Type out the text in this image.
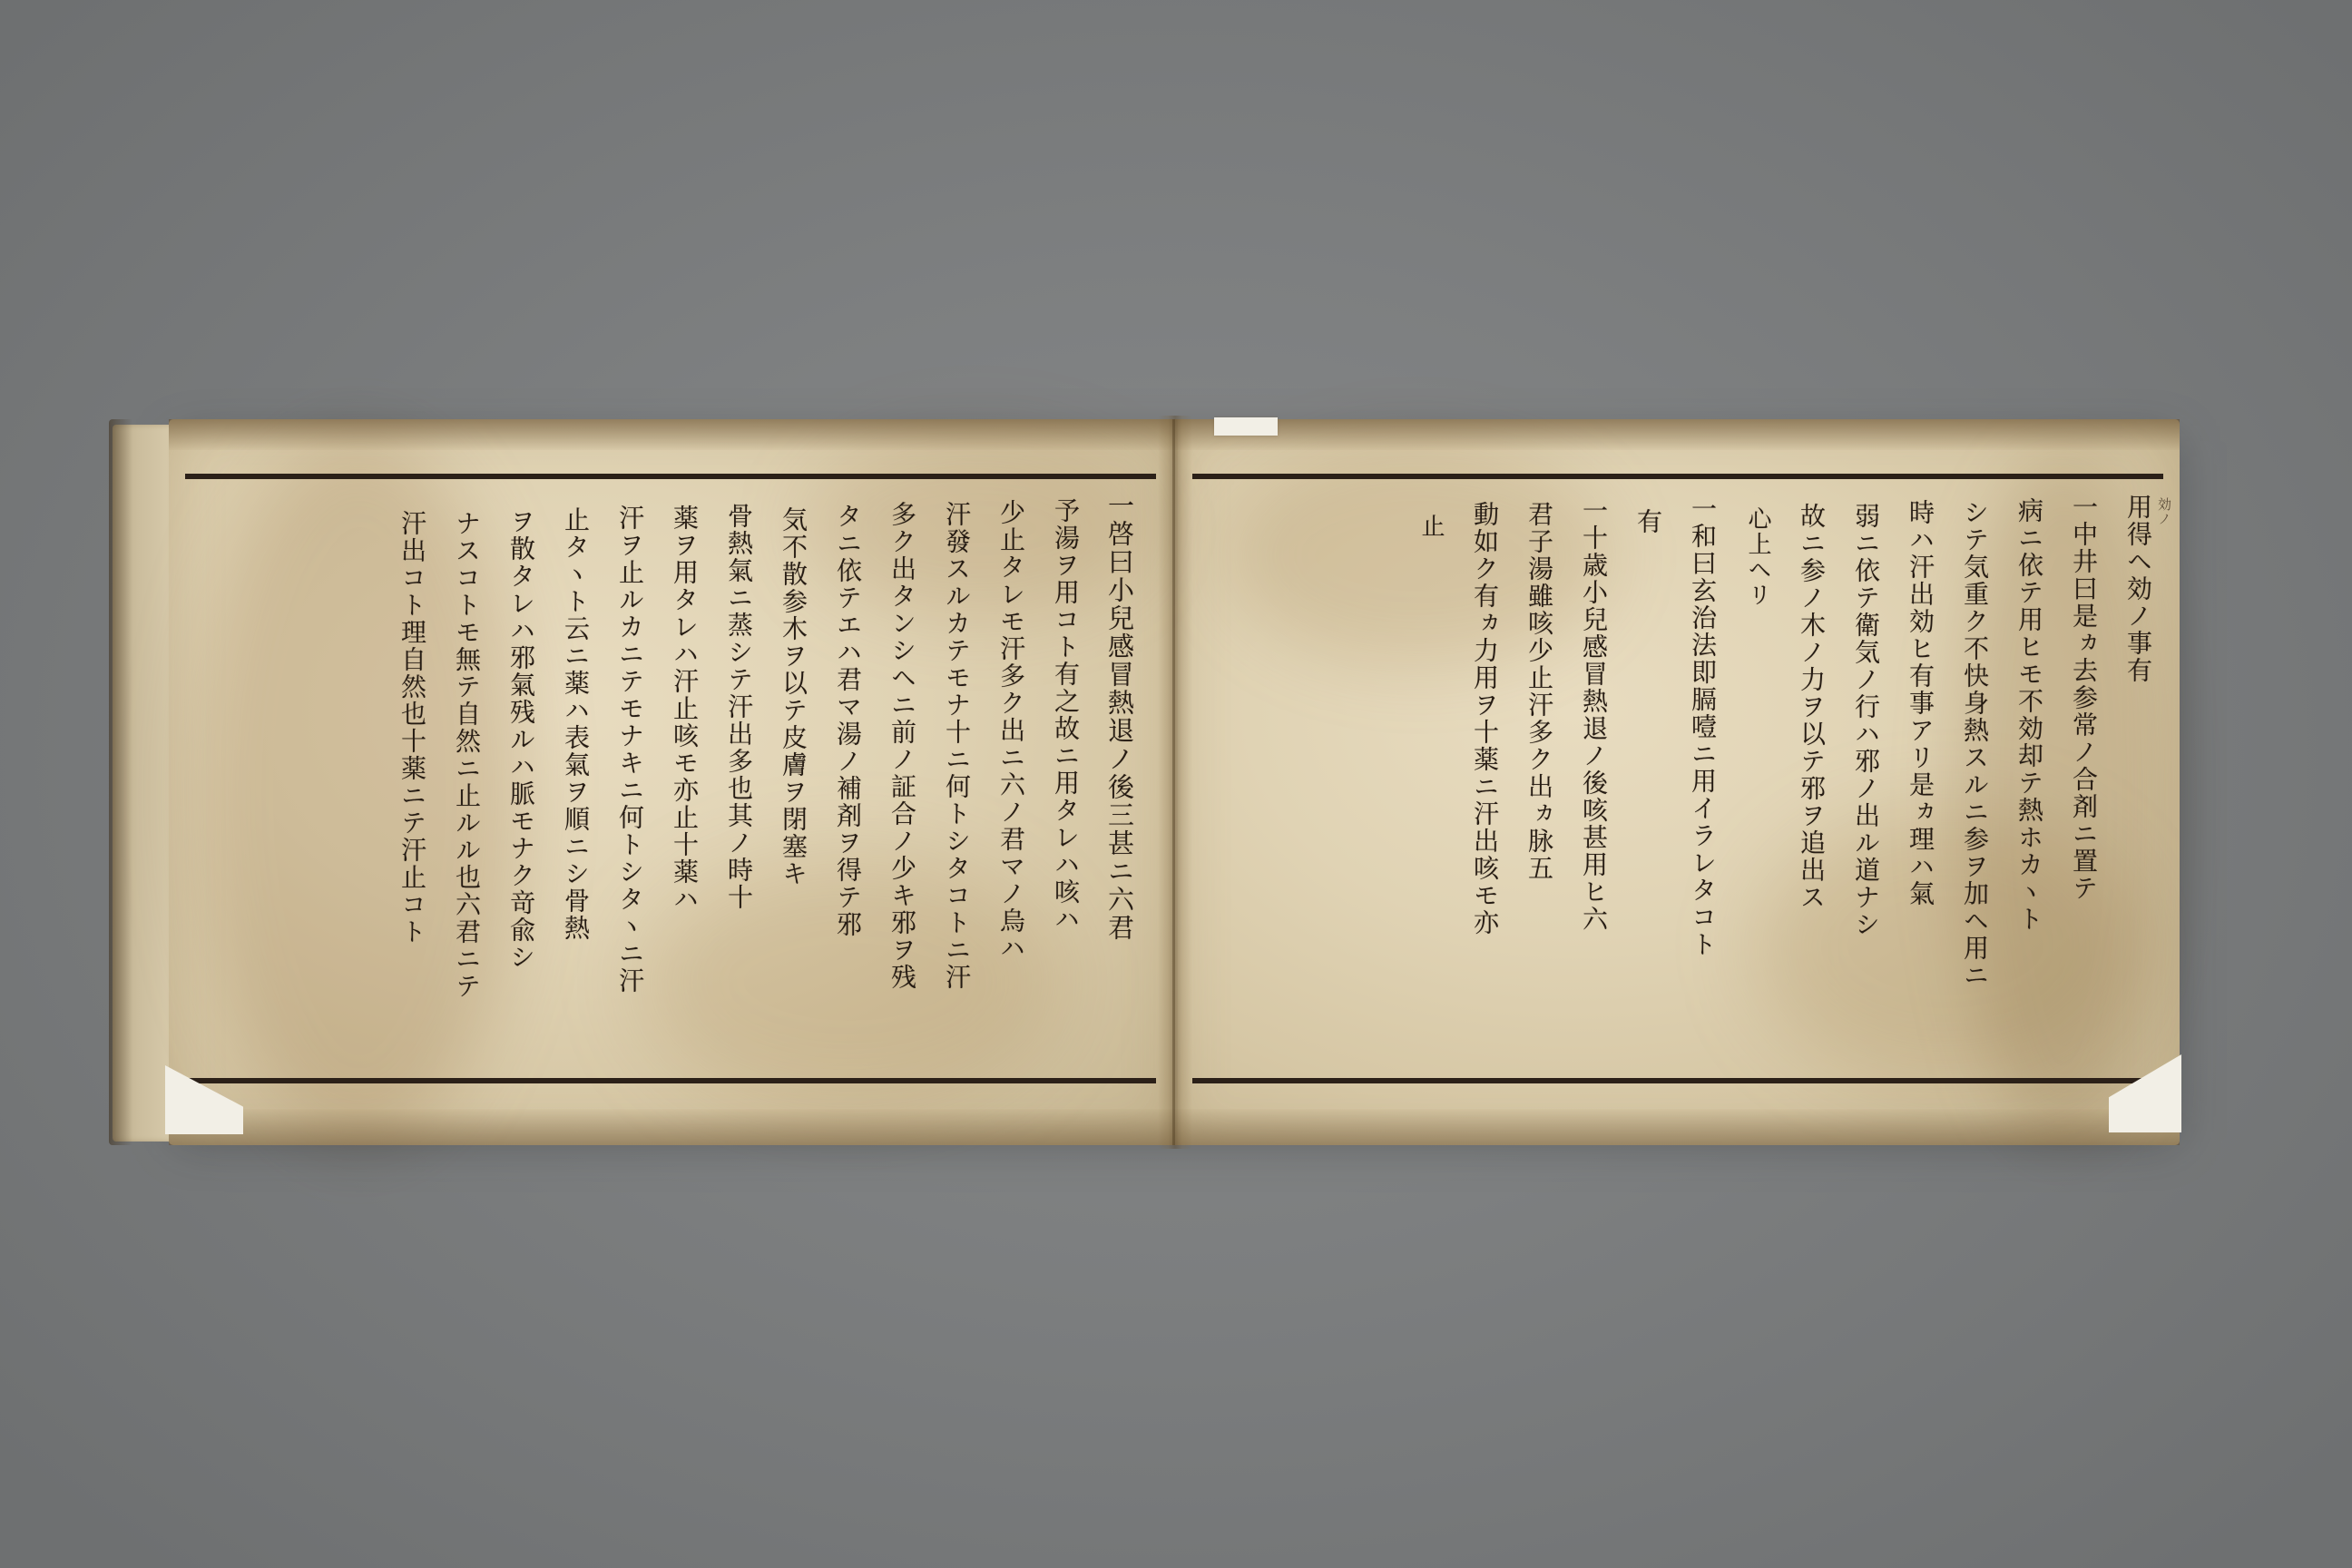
用得ヘ効ノ事有
一中井曰是ヵ去参常ノ合剤ニ置テ
病ニ依テ用ヒモ不効却テ熱ホカヽト
シテ気重ク不快身熱スルニ参ヲ加ヘ用ニ
時ハ汗出効ヒ有事アリ是ヵ理ハ氣
弱ニ依テ衛気ノ行ハ邪ノ出ル道ナシ
故ニ参ノ木ノ力ヲ以テ邪ヲ追出ス
心上ヘリ
一和曰玄治法即膈噎ニ用イラレタコト
有
一十歳小兒感冒熱退ノ後咳甚用ヒ六
君子湯雖咳少止汗多ク出ヵ脉五
動如ク有ヵ力用ヲ十薬ニ汗出咳モ亦
止	効ノ
一啓曰小兒感冒熱退ノ後三甚ニ六君
予湯ヲ用コト有之故ニ用タレハ咳ハ
少止タレモ汗多ク出ニ六ノ君マノ烏ハ
汗發スルカテモナ十ニ何トシタコトニ汗
多ク出タンシヘニ前ノ証合ノ少キ邪ヲ残
タニ依テエハ君マ湯ノ補剤ヲ得テ邪
気不散参木ヲ以テ皮膚ヲ閉塞キ
骨熱氣ニ蒸シテ汗出多也其ノ時十
薬ヲ用タレハ汗止咳モ亦止十薬ハ
汗ヲ止ルカニテモナキニ何トシタヽニ汗
止タヽト云ニ薬ハ表氣ヲ順ニシ骨熱
ヲ散タレハ邪氣残ルハ脈モナク竒兪シ
ナスコトモ無テ自然ニ止ルル也六君ニテ
汗出コト理自然也十薬ニテ汗止コト
